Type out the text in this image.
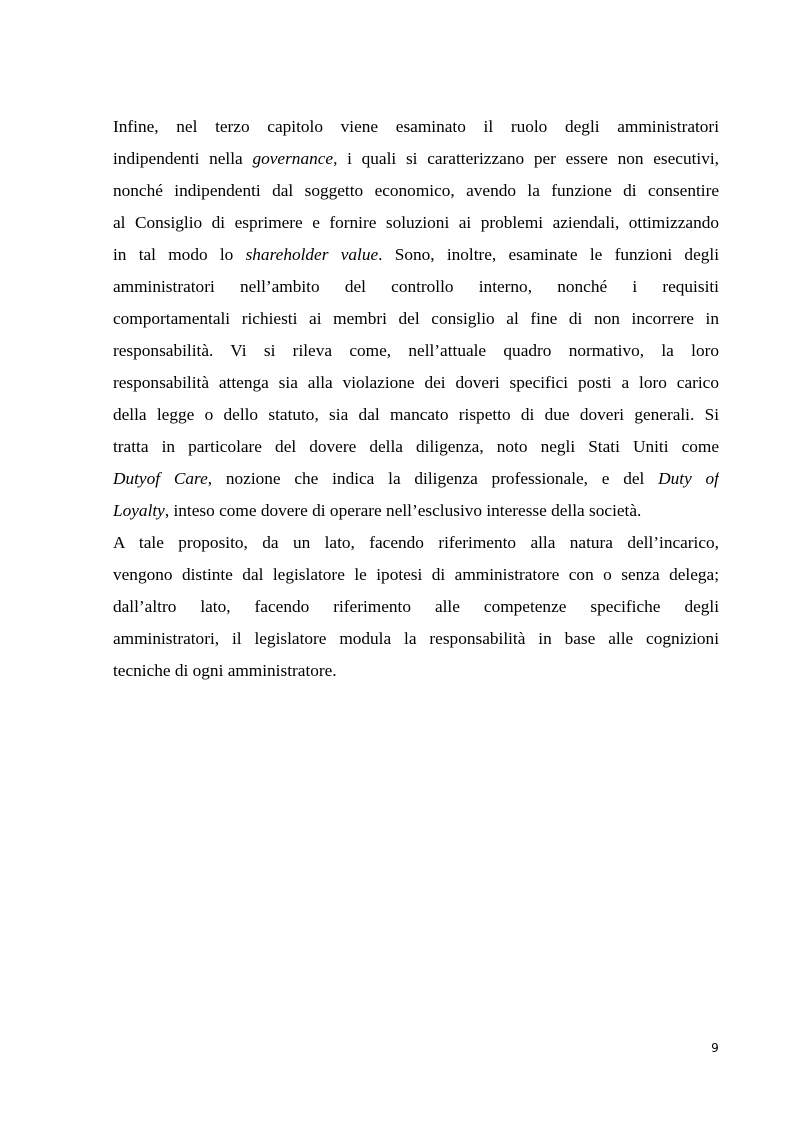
Infine, nel terzo capitolo viene esaminato il ruolo degli amministratori
indipendenti nella governance, i quali si caratterizzano per essere non esecutivi,
nonché indipendenti dal soggetto economico, avendo la funzione di consentire
al Consiglio di esprimere e fornire soluzioni ai problemi aziendali, ottimizzando
in tal modo lo shareholder value. Sono, inoltre, esaminate le funzioni degli
amministratori nell’ambito del controllo interno, nonché i requisiti
comportamentali richiesti ai membri del consiglio al fine di non incorrere in
responsabilità. Vi si rileva come, nell’attuale quadro normativo, la loro
responsabilità attenga sia alla violazione dei doveri specifici posti a loro carico
della legge o dello statuto, sia dal mancato rispetto di due doveri generali. Si
tratta in particolare del dovere della diligenza, noto negli Stati Uniti come
Dutyof Care, nozione che indica la diligenza professionale, e del Duty of
Loyalty, inteso come dovere di operare nell’esclusivo interesse della società.
A tale proposito, da un lato, facendo riferimento alla natura dell’incarico,
vengono distinte dal legislatore le ipotesi di amministratore con o senza delega;
dall’altro lato, facendo riferimento alle competenze specifiche degli
amministratori, il legislatore modula la responsabilità in base alle cognizioni
tecniche di ogni amministratore.
9
